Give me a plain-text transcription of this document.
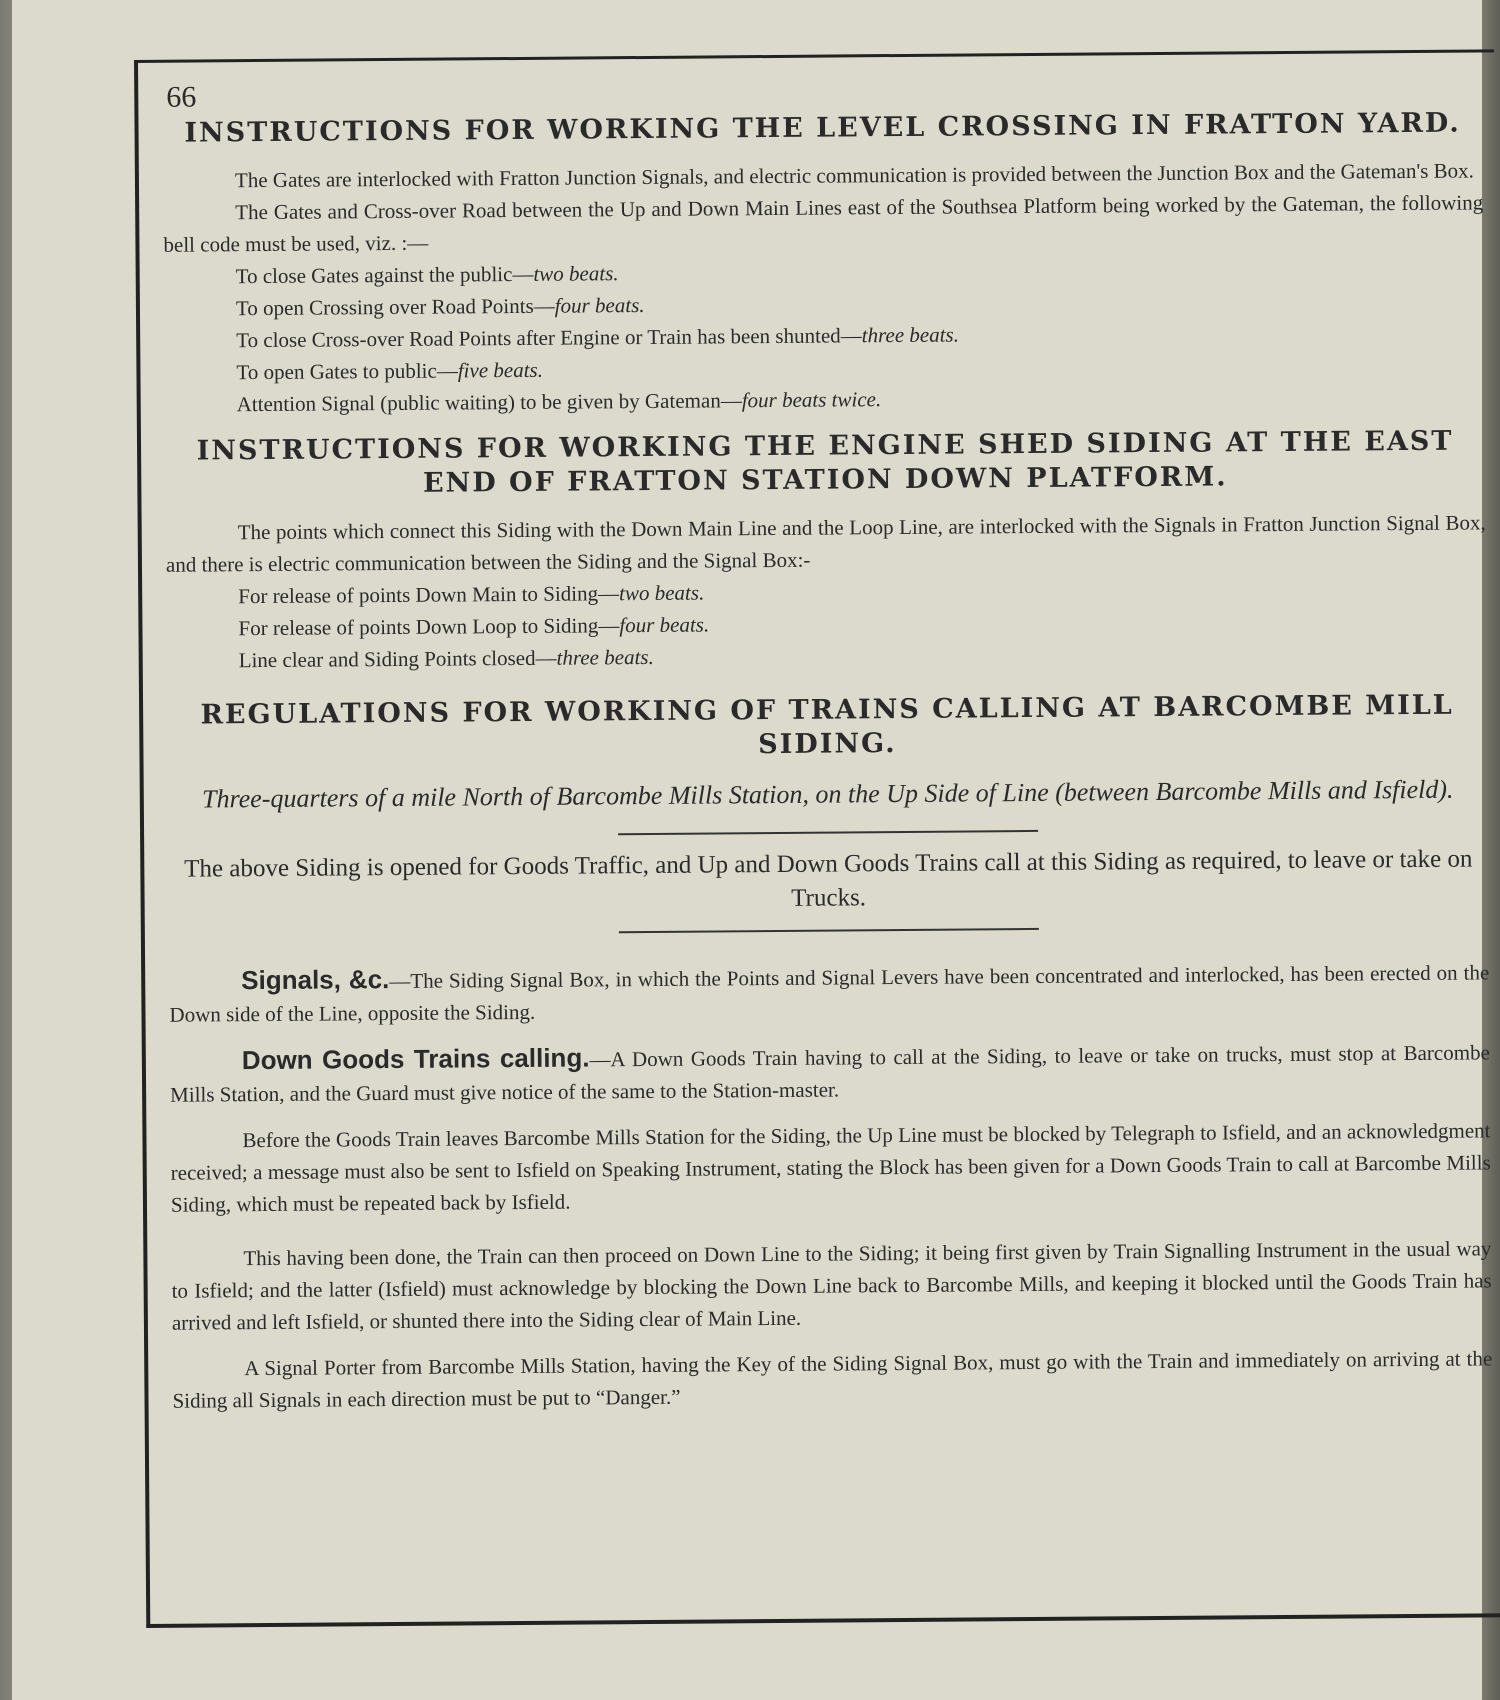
66
INSTRUCTIONS FOR WORKING THE LEVEL CROSSING IN FRATTON YARD.

The Gates are interlocked with Fratton Junction Signals, and electric communication is provided between the Junction Box and the Gateman's Box.

The Gates and Cross-over Road between the Up and Down Main Lines east of the Southsea Platform being worked by the Gateman, the following bell code must be used, viz. :—

To close Gates against the public—two beats.
To open Crossing over Road Points—four beats.
To close Cross-over Road Points after Engine or Train has been shunted—three beats.
To open Gates to public—five beats.
Attention Signal (public waiting) to be given by Gateman—four beats twice.
INSTRUCTIONS FOR WORKING THE ENGINE SHED SIDING AT THE EAST END OF FRATTON STATION DOWN PLATFORM.

The points which connect this Siding with the Down Main Line and the Loop Line, are interlocked with the Signals in Fratton Junction Signal Box, and there is electric communication between the Siding and the Signal Box:-

For release of points Down Main to Siding—two beats.
For release of points Down Loop to Siding—four beats.
Line clear and Siding Points closed—three beats.
REGULATIONS FOR WORKING OF TRAINS CALLING AT BARCOMBE MILL SIDING.
Three-quarters of a mile North of Barcombe Mills Station, on the Up Side of Line (between Barcombe Mills and Isfield).
The above Siding is opened for Goods Traffic, and Up and Down Goods Trains call at this Siding as required, to leave or take on Trucks.

Signals, &c.—The Siding Signal Box, in which the Points and Signal Levers have been concentrated and interlocked, has been erected on the Down side of the Line, opposite the Siding.

Down Goods Trains calling.—A Down Goods Train having to call at the Siding, to leave or take on trucks, must stop at Barcombe Mills Station, and the Guard must give notice of the same to the Station-master.

Before the Goods Train leaves Barcombe Mills Station for the Siding, the Up Line must be blocked by Telegraph to Isfield, and an acknowledgment received; a message must also be sent to Isfield on Speaking Instrument, stating the Block has been given for a Down Goods Train to call at Barcombe Mills Siding, which must be repeated back by Isfield.

This having been done, the Train can then proceed on Down Line to the Siding; it being first given by Train Signalling Instrument in the usual way to Isfield; and the latter (Isfield) must acknowledge by blocking the Down Line back to Barcombe Mills, and keeping it blocked until the Goods Train has arrived and left Isfield, or shunted there into the Siding clear of Main Line.

A Signal Porter from Barcombe Mills Station, having the Key of the Siding Signal Box, must go with the Train and immediately on arriving at the Siding all Signals in each direction must be put to “Danger.”
